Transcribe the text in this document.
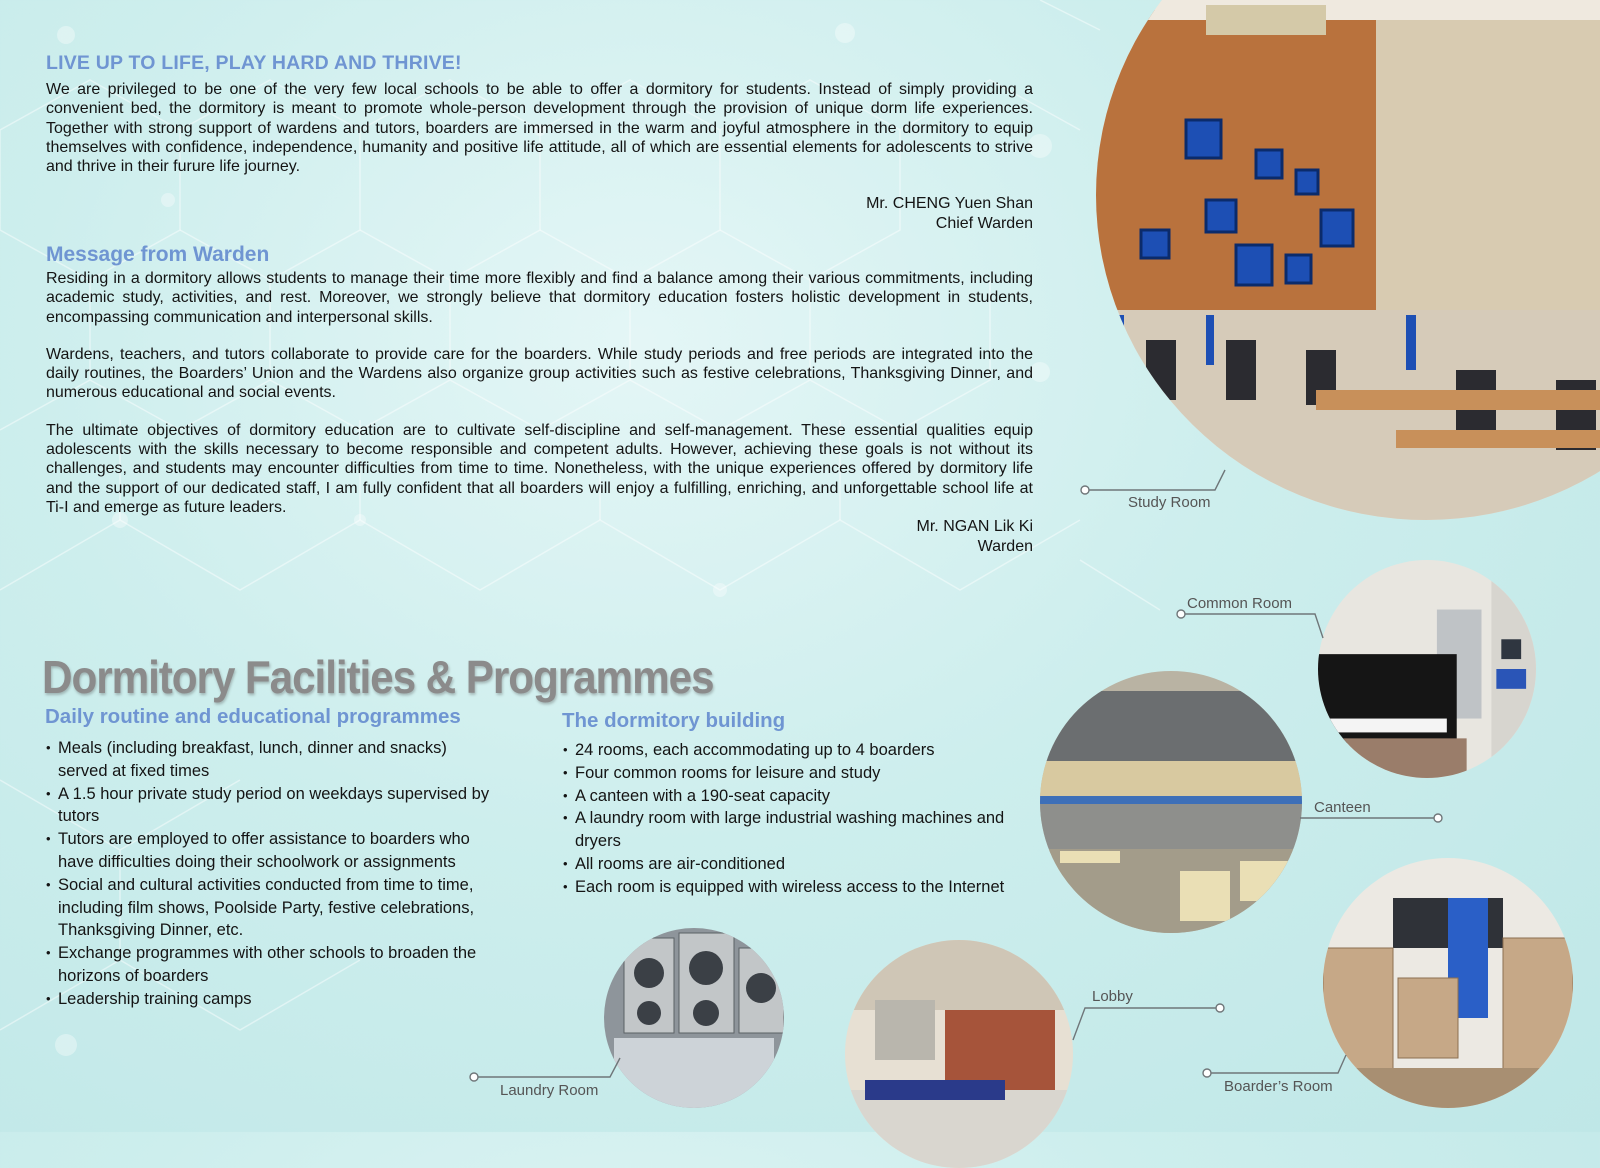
LIVE UP TO LIFE, PLAY HARD AND THRIVE!

We are privileged to be one of the very few local schools to be able to offer a dormitory for students. Instead of simply providing a convenient bed, the dormitory is meant to promote whole-person development through the provision of unique dorm life experiences. Together with strong support of wardens and tutors, boarders are immersed in the warm and joyful atmosphere in the dormitory to equip themselves with confidence, independence, humanity and positive life attitude, all of which are essential elements for adolescents to strive and thrive in their furure life journey.

Mr. CHENG Yuen Shan
Chief Warden
Message from Warden

Residing in a dormitory allows students to manage their time more flexibly and find a balance among their various commitments, including academic study, activities, and rest. Moreover, we strongly believe that dormitory education fosters holistic development in students, encompassing communication and interpersonal skills.

Wardens, teachers, and tutors collaborate to provide care for the boarders. While study periods and free periods are integrated into the daily routines, the Boarders’ Union and the Wardens also organize group activities such as festive celebrations, Thanksgiving Dinner, and numerous educational and social events.

The ultimate objectives of dormitory education are to cultivate self-discipline and self-management. These essential qualities equip adolescents with the skills necessary to become responsible and competent adults. However, achieving these goals is not without its challenges, and students may encounter difficulties from time to time. Nonetheless, with the unique experiences offered by dormitory life and the support of our dedicated staff, I am fully confident that all boarders will enjoy a fulfilling, enriching, and unforgettable school life at Ti-I and emerge as future leaders.

Mr. NGAN Lik Ki
Warden
Dormitory Facilities & Programmes
Daily routine and educational programmes
• Meals (including breakfast, lunch, dinner and snacks) served at fixed times
• A 1.5 hour private study period on weekdays supervised by tutors
• Tutors are employed to offer assistance to boarders who have difficulties doing their schoolwork or assignments
• Social and cultural activities conducted from time to time, including film shows, Poolside Party, festive celebrations, Thanksgiving Dinner, etc.
• Exchange programmes with other schools to broaden the horizons of boarders
• Leadership training camps
The dormitory building
• 24 rooms, each accommodating up to 4 boarders
• Four common rooms for leisure and study
• A canteen with a 190-seat capacity
• A laundry room with large industrial washing machines and dryers
• All rooms are air-conditioned
• Each room is equipped with wireless access to the Internet
Study Room
Common Room
Canteen
Lobby
Laundry Room	Boarder’s Room
